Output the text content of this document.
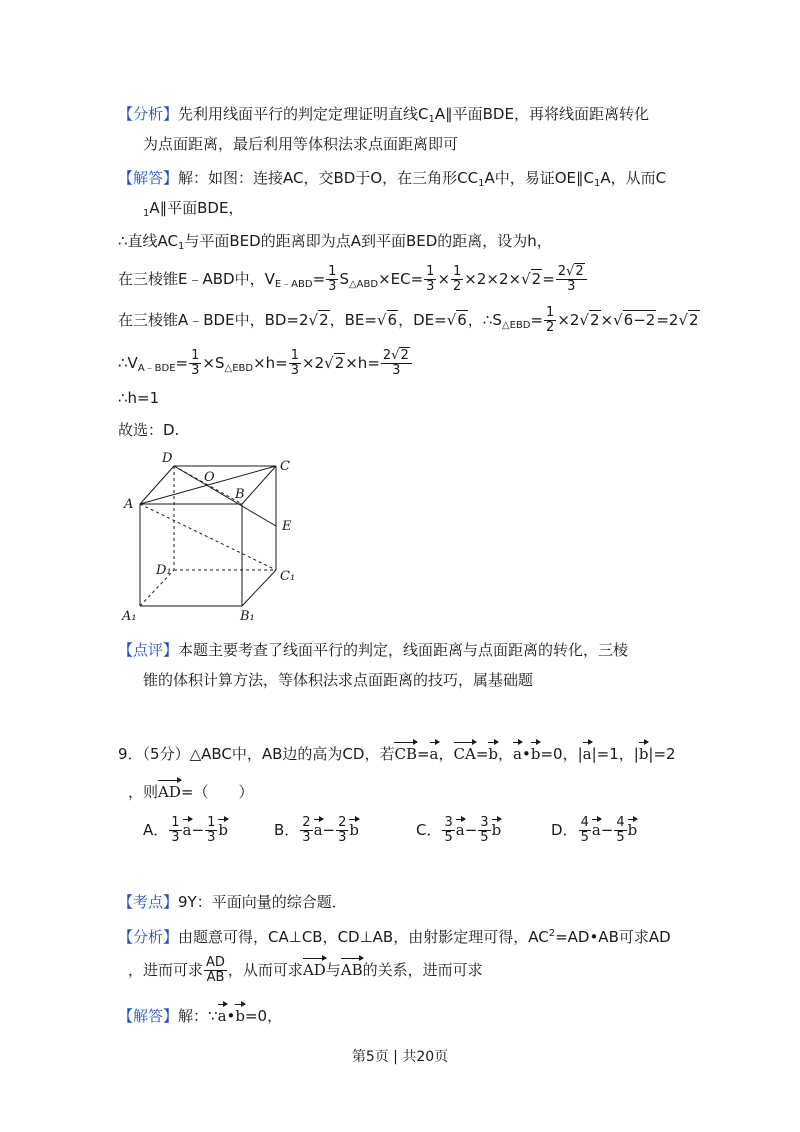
【分析】先利用线面平行的判定定理证明直线$C_1A\parallel$平面BDE，再将线面距离转化
为点面距离，最后利用等体积法求点面距离即可
【解答】解：如图：连接AC，交BD于O，在三角形$CC_1A$中，易证$OE\parallel C_1A$，从而C
$_1$A∥平面BDE，
∴直线$AC_1$与平面BED的距离即为点A到平面BED的距离，设为h，
在三棱锥E﹣ABD中，$V_{E﹣ABD}= \frac{1}{3} S_{\triangle ABD}\times EC= \frac{1}{3} \times \frac{1}{2} \times 2\times 2\times√2= \frac{2√2}{3}$
在三棱锥A﹣BDE中，BD=2√2，BE=√6，DE=√6，$\therefore S_{\triangle EBD}= \frac{1}{2} \times 2√2\times√6-2=2√2$
$\therefore V_{A﹣BDE}= \frac{1}{3} \times S_{\triangle EBD}\times h= \frac{1}{3} \times 2√2\times h= \frac{2√2}{3}$
∴h=1
故选：D.
D
O
C
A
B
E
D₁	C₁
A₁	B₁
【点评】本题主要考查了线面平行的判定，线面距离与点面距离的转化，三棱
锥的体积计算方法，等体积法求点面距离的技巧，属基础题
9．（5分）△ABC中，AB边的高为CD，若CB=a，CA=b，a•b=0，|a|=1，|b|=2
，则AD=（　　）
A． $\frac{1}{3} a- \frac{1}{3}$ b	B． $\frac{2}{3} a- \frac{2}{3}$ b	C． $\frac{3}{5} a- \frac{3}{5}$ b	D． $\frac{4}{5} a- \frac{4}{5}$ b
【考点】9Y：平面向量的综合题．
【分析】由题意可得，CA⊥CB，CD⊥AB，由射影定理可得，$AC^2=AD•AB$可求AD
，进而可求 $\frac{AD}{AB}$ ，从而可求AD与AB的关系，进而可求
【解答】解：∵a•b=0，
第5页 | 共20页
